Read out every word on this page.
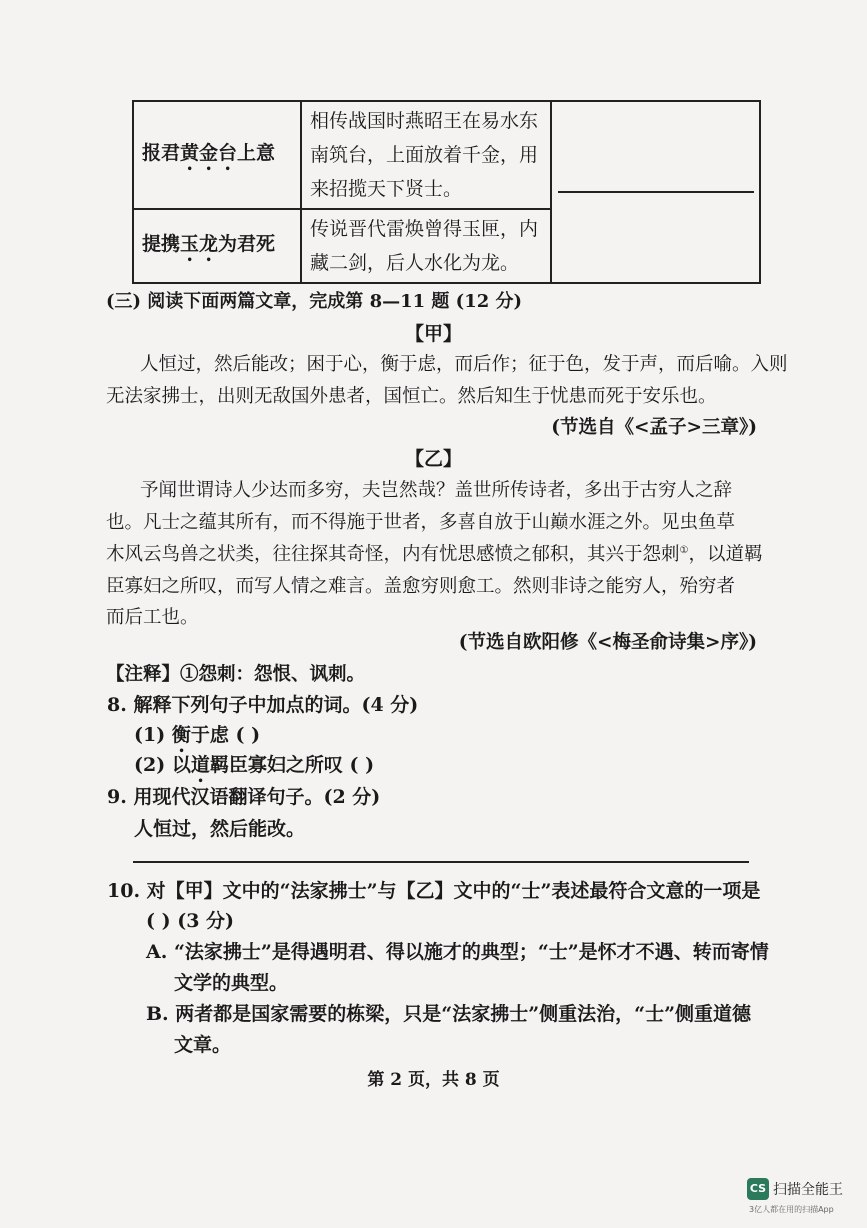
报君黄金台上意	相传战国时燕昭王在易水东南筑台，上面放着千金，用来招揽天下贤士。	

提携玉龙为君死	传说晋代雷焕曾得玉匣，内藏二剑，后人水化为龙。	
(三) 阅读下面两篇文章，完成第 8—11 题 (12 分)
【甲】
人恒过，然后能改；困于心，衡于虑，而后作；征于色，发于声，而后喻。入则
无法家拂士，出则无敌国外患者，国恒亡。然后知生于忧患而死于安乐也。
(节选自《<孟子>三章》)
【乙】
予闻世谓诗人少达而多穷，夫岂然哉？盖世所传诗者，多出于古穷人之辞
也。凡士之蕴其所有，而不得施于世者，多喜自放于山巅水涯之外。见虫鱼草
木风云鸟兽之状类，往往探其奇怪，内有忧思感愤之郁积，其兴于怨刺①，以道羁
臣寡妇之所叹，而写人情之难言。盖愈穷则愈工。然则非诗之能穷人，殆穷者
而后工也。
(节选自欧阳修《<梅圣俞诗集>序》)
【注释】①怨刺：怨恨、讽刺。
8. 解释下列句子中加点的词。(4 分)
(1) 衡于虑 ( )
(2) 以道羁臣寡妇之所叹 ( )
9. 用现代汉语翻译句子。(2 分)
人恒过，然后能改。
10. 对【甲】文中的“法家拂士”与【乙】文中的“士”表述最符合文意的一项是
( ) (3 分)
A. “法家拂士”是得遇明君、得以施才的典型；“士”是怀才不遇、转而寄情
文学的典型。
B. 两者都是国家需要的栋梁，只是“法家拂士”侧重法治，“士”侧重道德
文章。
第 2 页，共 8 页
CS 扫描全能王
3亿人都在用的扫描App
